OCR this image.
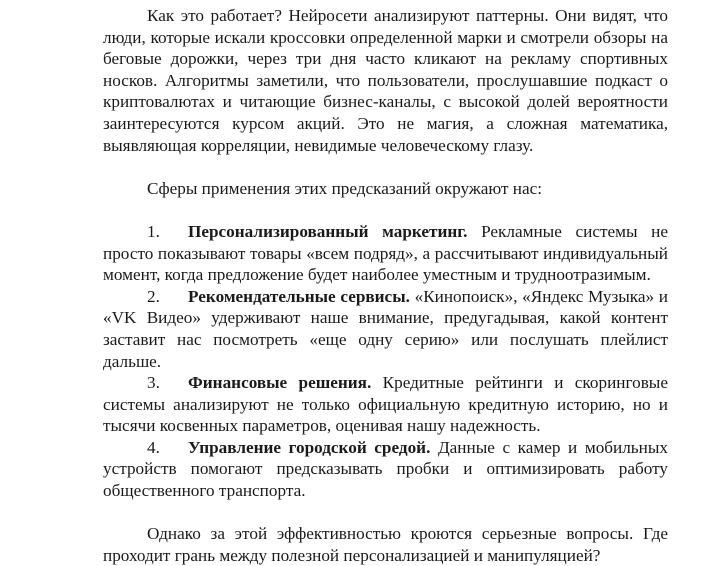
Как это работает? Нейросети анализируют паттерны. Они видят, что люди, которые искали кроссовки определенной марки и смотрели обзоры на беговые дорожки, через три дня часто кликают на рекламу спортивных носков. Алгоритмы заметили, что пользователи, прослушавшие подкаст о криптовалютах и читающие бизнес-каналы, с высокой долей вероятности заинтересуются курсом акций. Это не магия, а сложная математика, выявляющая корреляции, невидимые человеческому глазу.

Сферы применения этих предсказаний окружают нас:

1. Персонализированный маркетинг. Рекламные системы не просто показывают товары «всем подряд», а рассчитывают индивидуальный момент, когда предложение будет наиболее уместным и трудноотразимым.

2. Рекомендательные сервисы. «Кинопоиск», «Яндекс Музыка» и «VK Видео» удерживают наше внимание, предугадывая, какой контент заставит нас посмотреть «еще одну серию» или послушать плейлист дальше.

3. Финансовые решения. Кредитные рейтинги и скоринговые системы анализируют не только официальную кредитную историю, но и тысячи косвенных параметров, оценивая нашу надежность.

4. Управление городской средой. Данные с камер и мобильных устройств помогают предсказывать пробки и оптимизировать работу общественного транспорта.

Однако за этой эффективностью кроются серьезные вопросы. Где проходит грань между полезной персонализацией и манипуляцией?
